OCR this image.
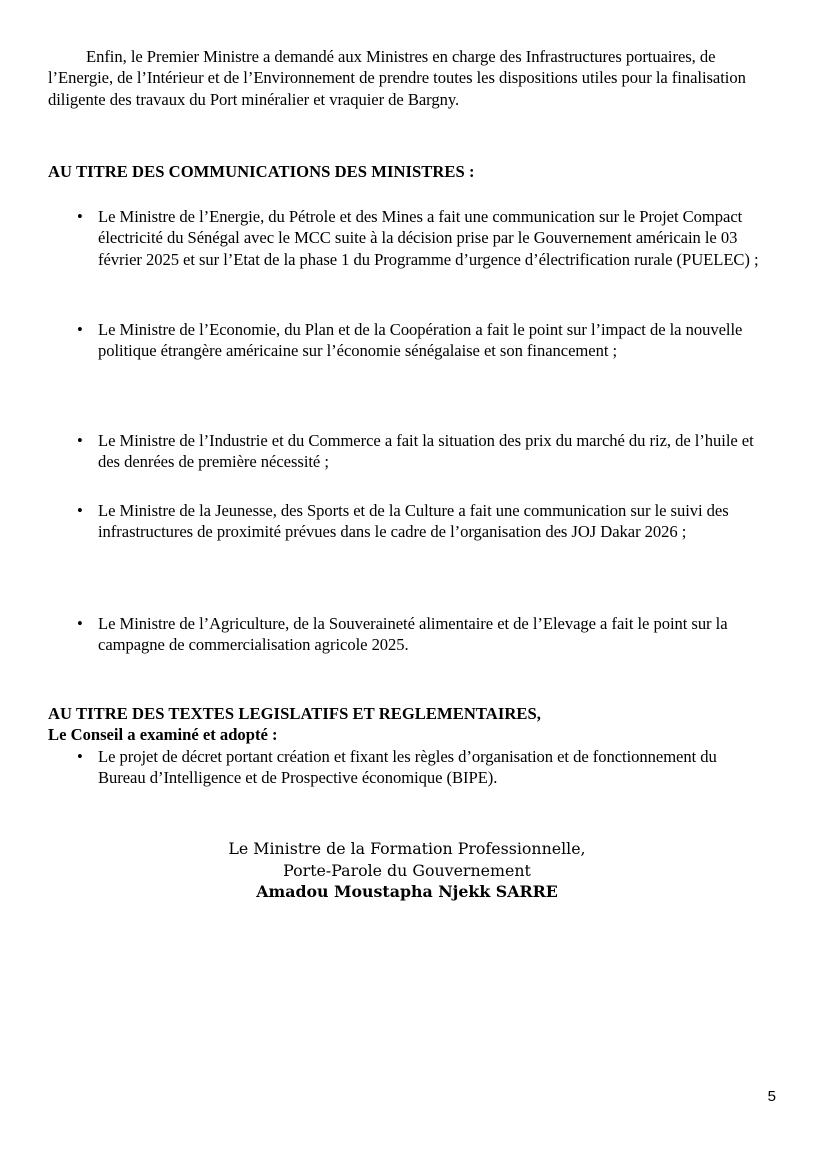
Enfin, le Premier Ministre a demandé aux Ministres en charge des Infrastructures portuaires, de l’Energie, de l’Intérieur et de l’Environnement de prendre toutes les dispositions utiles pour la finalisation diligente des travaux du Port minéralier et vraquier de Bargny.

AU TITRE DES COMMUNICATIONS DES MINISTRES :

• Le Ministre de l’Energie, du Pétrole et des Mines a fait une communication sur le Projet Compact électricité du Sénégal avec le MCC suite à la décision prise par le Gouvernement américain le 03 février 2025 et sur l’Etat de la phase 1 du Programme d’urgence d’électrification rurale (PUELEC) ;
• Le Ministre de l’Economie, du Plan et de la Coopération a fait le point sur l’impact de la nouvelle politique étrangère américaine sur l’économie sénégalaise et son financement ;
• Le Ministre de l’Industrie et du Commerce a fait la situation des prix du marché du riz, de l’huile et des denrées de première nécessité ;
• Le Ministre de la Jeunesse, des Sports et de la Culture a fait une communication sur le suivi des infrastructures de proximité prévues dans le cadre de l’organisation des JOJ Dakar 2026 ;
• Le Ministre de l’Agriculture, de la Souveraineté alimentaire et de l’Elevage a fait le point sur la campagne de commercialisation agricole 2025.

AU TITRE DES TEXTES LEGISLATIFS ET REGLEMENTAIRES,

Le Conseil a examiné et adopté :

• Le projet de décret portant création et fixant les règles d’organisation et de fonctionnement du Bureau d’Intelligence et de Prospective économique (BIPE).
Le Ministre de la Formation Professionnelle,
Porte-Parole du Gouvernement
Amadou Moustapha Njekk SARRE
5
